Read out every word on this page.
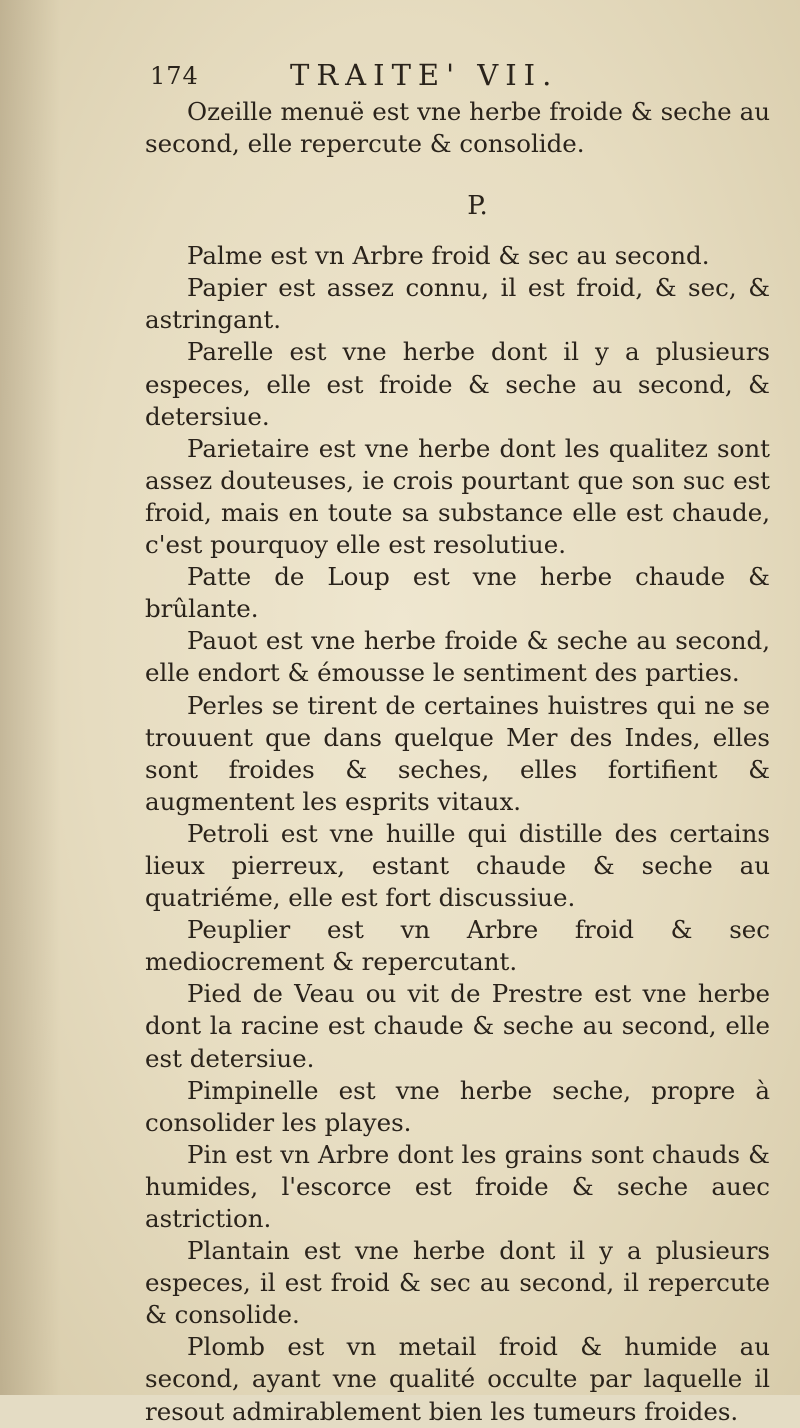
174	TRAITE' VII.

Ozeille menuë est vne herbe froide & seche au second, elle repercute & consolide.

P.

Palme est vn Arbre froid & sec au second.

Papier est assez connu, il est froid, & sec, & astringant.

Parelle est vne herbe dont il y a plusieurs especes, elle est froide & seche au second, & detersiue.

Parietaire est vne herbe dont les qualitez sont assez douteuses, ie crois pourtant que son suc est froid, mais en toute sa substance elle est chaude, c'est pourquoy elle est resolutiue.

Patte de Loup est vne herbe chaude & brûlante.

Pauot est vne herbe froide & seche au second, elle endort & émousse le sentiment des parties.

Perles se tirent de certaines huistres qui ne se trouuent que dans quelque Mer des Indes, elles sont froides & seches, elles fortifient & augmentent les esprits vitaux.

Petroli est vne huille qui distille des certains lieux pierreux, estant chaude & seche au quatriéme, elle est fort discussiue.

Peuplier est vn Arbre froid & sec mediocrement & repercutant.

Pied de Veau ou vit de Prestre est vne herbe dont la racine est chaude & seche au second, elle est detersiue.

Pimpinelle est vne herbe seche, propre à consolider les playes.

Pin est vn Arbre dont les grains sont chauds & humides, l'escorce est froide & seche auec astriction.

Plantain est vne herbe dont il y a plusieurs especes, il est froid & sec au second, il repercute & consolide.

Plomb est vn metail froid & humide au second, ayant vne qualité occulte par laquelle il resout admirablement bien les tumeurs froides.
